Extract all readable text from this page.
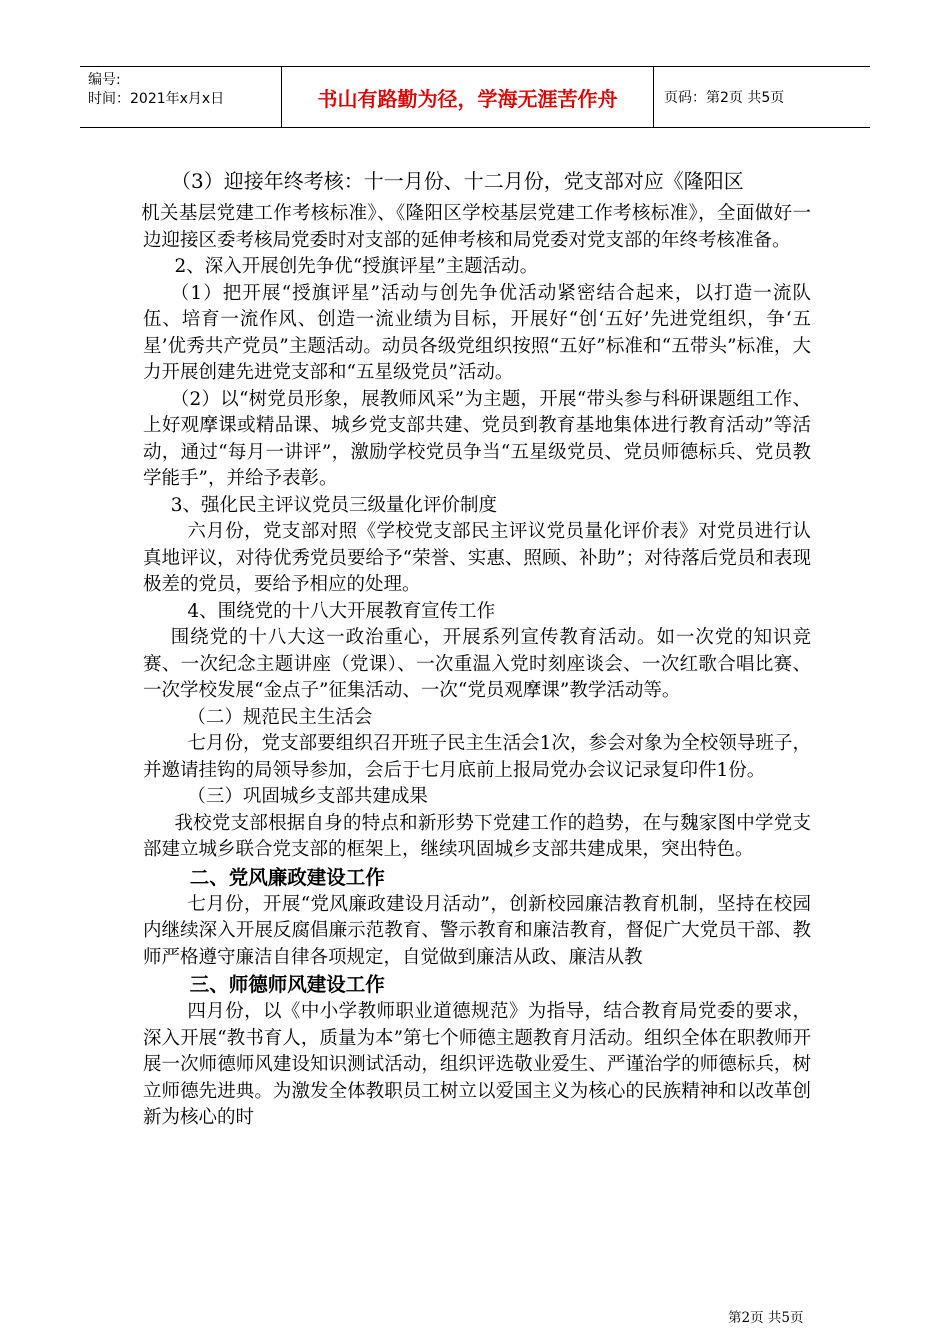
编号:
时间：2021年x月x日	书山有路勤为径，学海无涯苦作舟	页码：第2页 共5页

（3）迎接年终考核：十一月份、十二月份，党支部对应《隆阳区

机关基层党建工作考核标准》、《隆阳区学校基层党建工作考核标准》，全面做好一边迎接区委考核局党委时对支部的延伸考核和局党委对党支部的年终考核准备。

2、深入开展创先争优“授旗评星”主题活动。

（1）把开展“授旗评星”活动与创先争优活动紧密结合起来，以打造一流队伍、培育一流作风、创造一流业绩为目标，开展好“创‘五好’先进党组织，争‘五星’优秀共产党员”主题活动。动员各级党组织按照“五好”标准和“五带头”标准，大力开展创建先进党支部和“五星级党员”活动。

（2）以“树党员形象，展教师风采”为主题，开展“带头参与科研课题组工作、上好观摩课或精品课、城乡党支部共建、党员到教育基地集体进行教育活动”等活动，通过“每月一讲评”，激励学校党员争当“五星级党员、党员师德标兵、党员教学能手”，并给予表彰。

3、强化民主评议党员三级量化评价制度

六月份，党支部对照《学校党支部民主评议党员量化评价表》对党员进行认真地评议，对待优秀党员要给予“荣誉、实惠、照顾、补助”；对待落后党员和表现极差的党员，要给予相应的处理。

4、围绕党的十八大开展教育宣传工作

围绕党的十八大这一政治重心，开展系列宣传教育活动。如一次党的知识竞赛、一次纪念主题讲座（党课）、一次重温入党时刻座谈会、一次红歌合唱比赛、一次学校发展“金点子”征集活动、一次“党员观摩课”教学活动等。

（二）规范民主生活会

七月份，党支部要组织召开班子民主生活会1次，参会对象为全校领导班子，并邀请挂钩的局领导参加，会后于七月底前上报局党办会议记录复印件1份。

（三）巩固城乡支部共建成果

我校党支部根据自身的特点和新形势下党建工作的趋势，在与魏家图中学党支部建立城乡联合党支部的框架上，继续巩固城乡支部共建成果，突出特色。

二、党风廉政建设工作

七月份，开展“党风廉政建设月活动”，创新校园廉洁教育机制，坚持在校园内继续深入开展反腐倡廉示范教育、警示教育和廉洁教育，督促广大党员干部、教师严格遵守廉洁自律各项规定，自觉做到廉洁从政、廉洁从教

三、师德师风建设工作

四月份，以《中小学教师职业道德规范》为指导，结合教育局党委的要求，深入开展“教书育人，质量为本”第七个师德主题教育月活动。组织全体在职教师开展一次师德师风建设知识测试活动，组织评选敬业爱生、严谨治学的师德标兵，树立师德先进典。为激发全体教职员工树立以爱国主义为核心的民族精神和以改革创新为核心的时

第2页 共5页
